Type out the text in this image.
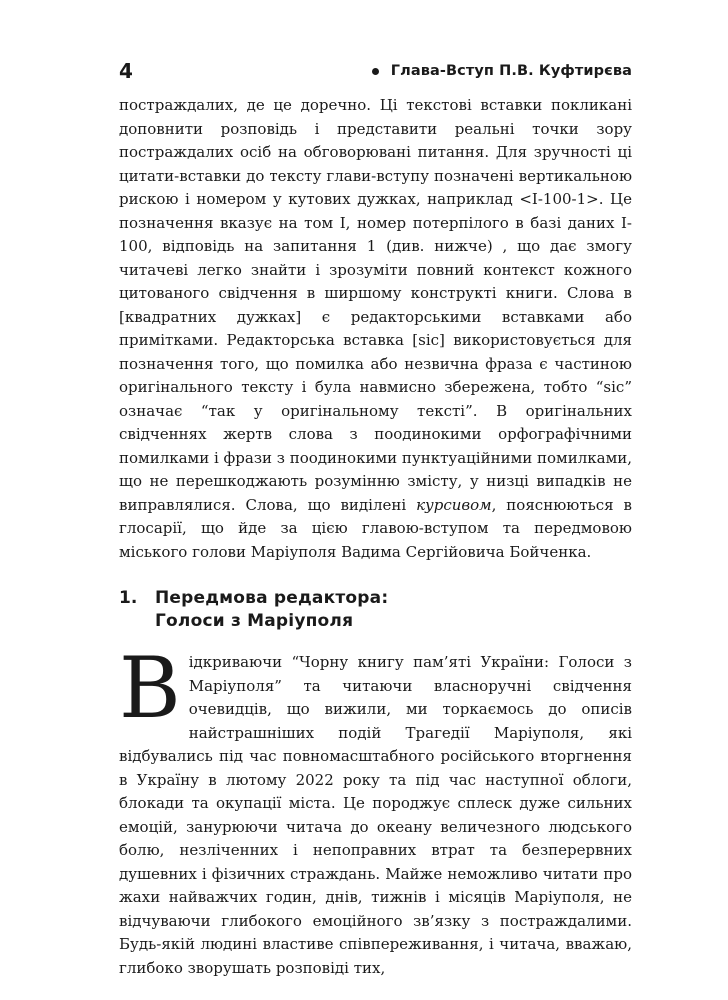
4	Глава-Вступ П.В. Куфтирєва

постраждалих, де це доречно. Ці текстові вставки покликані доповнити розповідь і представити реальні точки зору постраждалих осіб на обговорювані питання. Для зручності ці цитати-вставки до тексту глави-вступу позначені вертикальною рискою і номером у кутових дужках, наприклад <I-100-1>. Це позначення вказує на том I, номер потерпілого в базі даних I-100, відповідь на запитання 1 (див. нижче) , що дає змогу читачеві легко знайти і зрозуміти повний контекст кожного цитованого свідчення в ширшому конструкті книги. Слова в [квадратних дужках] є редакторськими вставками або примітками. Редакторська вставка [sic] використовується для позначення того, що помилка або незвична фраза є частиною оригінального тексту і була навмисно збережена, тобто “sic” означає “так у оригінальному тексті”. В оригінальних свідченнях жертв слова з поодинокими орфографічними помилками і фрази з поодинокими пунктуаційними помилками, що не перешкоджають розумінню змісту, у низці випадків не виправлялися. Слова, що виділені курсивом, пояснюються в глосарії, що йде за цією главою-вступом та передмовою міського голови Маріуполя Вадима Сергійовича Бойченка.

1.	Передмова редактора:
Голоси з Маріуполя

Відкриваючи “Чорну книгу пам’яті України: Голоси з Маріуполя” та читаючи власноручні свідчення очевидців, що вижили, ми торкаємось до описів найстрашніших подій Трагедії Маріуполя, які відбувались під час повномасштабного російського вторгнення в Україну в лютому 2022 року та під час наступної облоги, блокади та окупації міста. Це породжує сплеск дуже сильних емоцій, занурюючи читача до океану величезного людського болю, незліченних і непоправних втрат та безперервних душевних і фізичних страждань. Майже неможливо читати про жахи найважчих годин, днів, тижнів і місяців Маріуполя, не відчуваючи глибокого емоційного зв’язку з постраждалими. Будь-якій людині властиве співпереживання, і читача, вважаю, глибоко зворушать розповіді тих,
